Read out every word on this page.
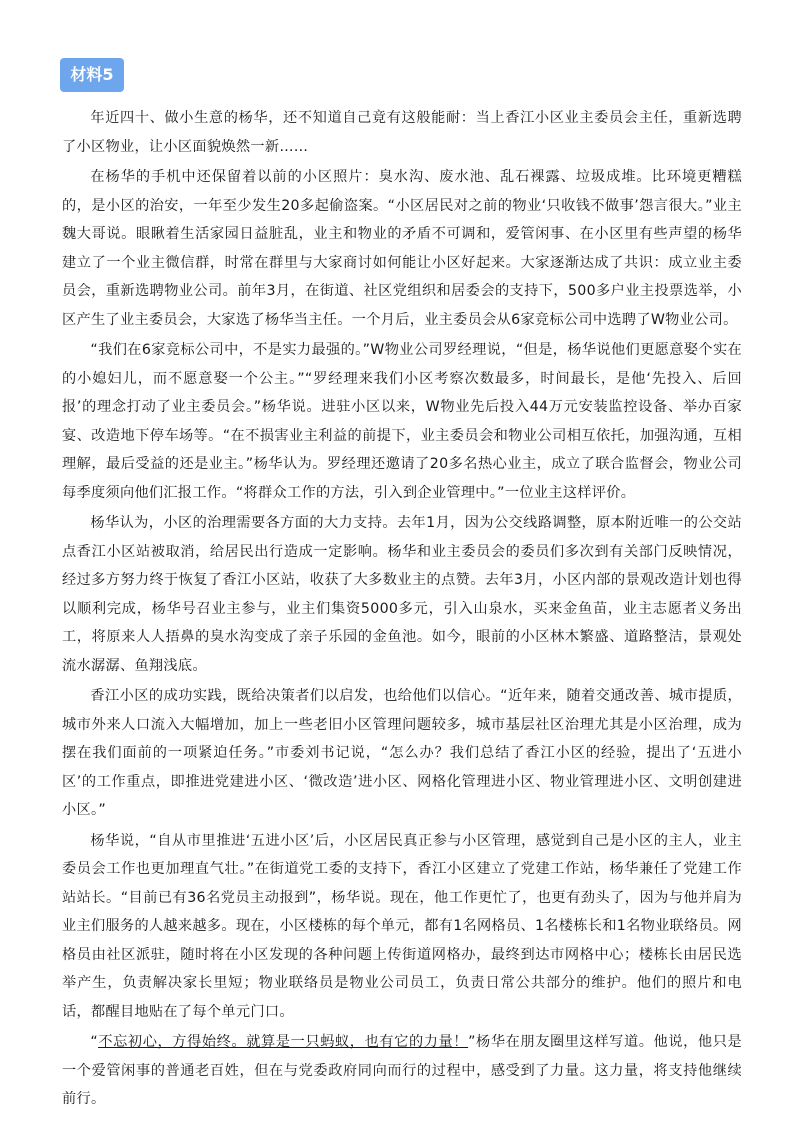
材料5

年近四十、做小生意的杨华，还不知道自己竟有这般能耐：当上香江小区业主委员会主任，重新选聘了小区物业，让小区面貌焕然一新……

在杨华的手机中还保留着以前的小区照片：臭水沟、废水池、乱石裸露、垃圾成堆。比环境更糟糕的，是小区的治安，一年至少发生20多起偷盗案。“小区居民对之前的物业‘只收钱不做事’怨言很大。”业主魏大哥说。眼瞅着生活家园日益脏乱，业主和物业的矛盾不可调和，爱管闲事、在小区里有些声望的杨华建立了一个业主微信群，时常在群里与大家商讨如何能让小区好起来。大家逐渐达成了共识：成立业主委员会，重新选聘物业公司。前年3月，在街道、社区党组织和居委会的支持下，500多户业主投票选举，小区产生了业主委员会，大家选了杨华当主任。一个月后，业主委员会从6家竞标公司中选聘了W物业公司。

“我们在6家竞标公司中，不是实力最强的。”W物业公司罗经理说，“但是，杨华说他们更愿意娶个实在的小媳妇儿，而不愿意娶一个公主。”“罗经理来我们小区考察次数最多，时间最长，是他‘先投入、后回报’的理念打动了业主委员会。”杨华说。进驻小区以来，W物业先后投入44万元安装监控设备、举办百家宴、改造地下停车场等。“在不损害业主利益的前提下，业主委员会和物业公司相互依托，加强沟通，互相理解，最后受益的还是业主。”杨华认为。罗经理还邀请了20多名热心业主，成立了联合监督会，物业公司每季度须向他们汇报工作。“将群众工作的方法，引入到企业管理中。”一位业主这样评价。

杨华认为，小区的治理需要各方面的大力支持。去年1月，因为公交线路调整，原本附近唯一的公交站点香江小区站被取消，给居民出行造成一定影响。杨华和业主委员会的委员们多次到有关部门反映情况，经过多方努力终于恢复了香江小区站，收获了大多数业主的点赞。去年3月，小区内部的景观改造计划也得以顺利完成，杨华号召业主参与，业主们集资5000多元，引入山泉水，买来金鱼苗，业主志愿者义务出工，将原来人人捂鼻的臭水沟变成了亲子乐园的金鱼池。如今，眼前的小区林木繁盛、道路整洁，景观处流水潺潺、鱼翔浅底。

香江小区的成功实践，既给决策者们以启发，也给他们以信心。“近年来，随着交通改善、城市提质，城市外来人口流入大幅增加，加上一些老旧小区管理问题较多，城市基层社区治理尤其是小区治理，成为摆在我们面前的一项紧迫任务。”市委刘书记说，“怎么办？我们总结了香江小区的经验，提出了‘五进小区’的工作重点，即推进党建进小区、‘微改造’进小区、网格化管理进小区、物业管理进小区、文明创建进小区。”

杨华说，“自从市里推进‘五进小区’后，小区居民真正参与小区管理，感觉到自己是小区的主人，业主委员会工作也更加理直气壮。”在街道党工委的支持下，香江小区建立了党建工作站，杨华兼任了党建工作站站长。“目前已有36名党员主动报到”，杨华说。现在，他工作更忙了，也更有劲头了，因为与他并肩为业主们服务的人越来越多。现在，小区楼栋的每个单元，都有1名网格员、1名楼栋长和1名物业联络员。网格员由社区派驻，随时将在小区发现的各种问题上传街道网格办，最终到达市网格中心；楼栋长由居民选举产生，负责解决家长里短；物业联络员是物业公司员工，负责日常公共部分的维护。他们的照片和电话，都醒目地贴在了每个单元门口。

“不忘初心，方得始终。就算是一只蚂蚁，也有它的力量！”杨华在朋友圈里这样写道。他说，他只是一个爱管闲事的普通老百姓，但在与党委政府同向而行的过程中，感受到了力量。这力量，将支持他继续前行。
